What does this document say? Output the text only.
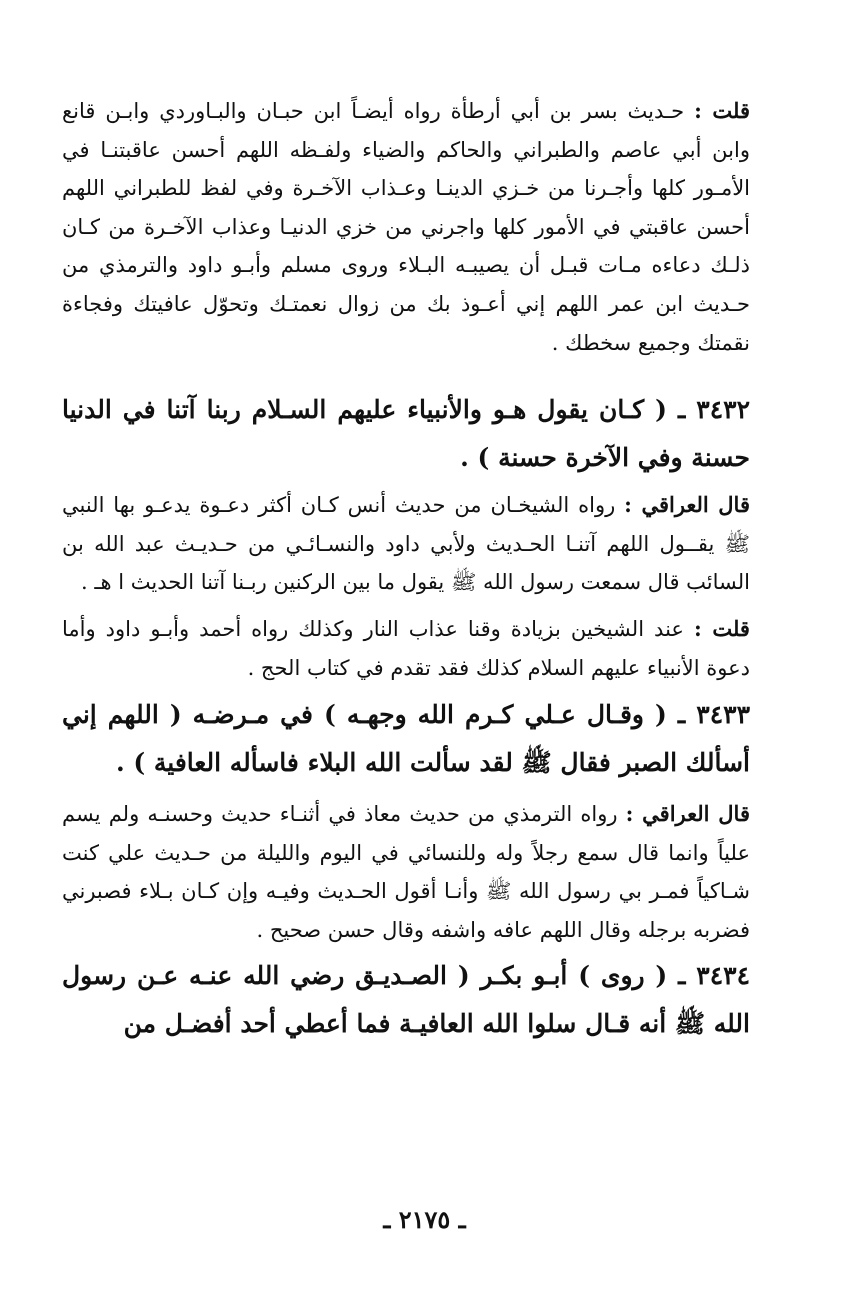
قلت : حـديث بسر بن أبي أرطأة رواه أيضـاً ابن حبـان والبـاوردي وابـن قانع وابن أبي عاصم والطبراني والحاكم والضياء ولفـظه اللهم أحسن عاقبتنـا في الأمـور كلها وأجـرنا من خـزي الدينـا وعـذاب الآخـرة وفي لفظ للطبراني اللهم أحسن عاقبتي في الأمور كلها واجرني من خزي الدنيـا وعذاب الآخـرة من كـان ذلـك دعاءه مـات قبـل أن يصيبـه البـلاء وروى مسلم وأبـو داود والترمذي من حـديث ابن عمر اللهم إني أعـوذ بك من زوال نعمتـك وتحوّل عافيتك وفجاءة نقمتك وجميع سخطك .

٣٤٣٢ ـ ( كـان يقول هـو والأنبياء عليهم السـلام ربنا آتنا في الدنيا حسنة وفي الآخرة حسنة ) .

قال العراقي : رواه الشيخـان من حديث أنس كـان أكثر دعـوة يدعـو بها النبي ﷺ يقــول اللهم آتنـا الحـديث ولأبي داود والنسـائـي من حـديـث عبد الله بن السائب قال سمعت رسول الله ﷺ يقول ما بين الركنين ربـنا آتنا الحديث ا هـ .

قلت : عند الشيخين بزيادة وقنا عذاب النار وكذلك رواه أحمد وأبـو داود وأما دعوة الأنبياء عليهم السلام كذلك فقد تقدم في كتاب الحج .

٣٤٣٣ ـ ( وقـال عـلي كـرم الله وجهـه ) في مـرضـه ( اللهم إني أسألك الصبر فقال ﷺ لقد سألت الله البلاء فاسأله العافية ) .

قال العراقي : رواه الترمذي من حديث معاذ في أثنـاء حديث وحسنـه ولم يسم علياً وانما قال سمع رجلاً وله وللنسائي في اليوم والليلة من حـديث علي كنت شـاكياً فمـر بي رسول الله ﷺ وأنـا أقول الحـديث وفيـه وإن كـان بـلاء فصبرني فضربه برجله وقال اللهم عافه واشفه وقال حسن صحيح .

٣٤٣٤ ـ ( روى ) أبـو بكـر ( الصـديـق رضي الله عنـه عـن رسول الله ﷺ أنه قـال سلوا الله العافيـة فما أعطي أحد أفضـل من

ـ ٢١٧٥ ـ
